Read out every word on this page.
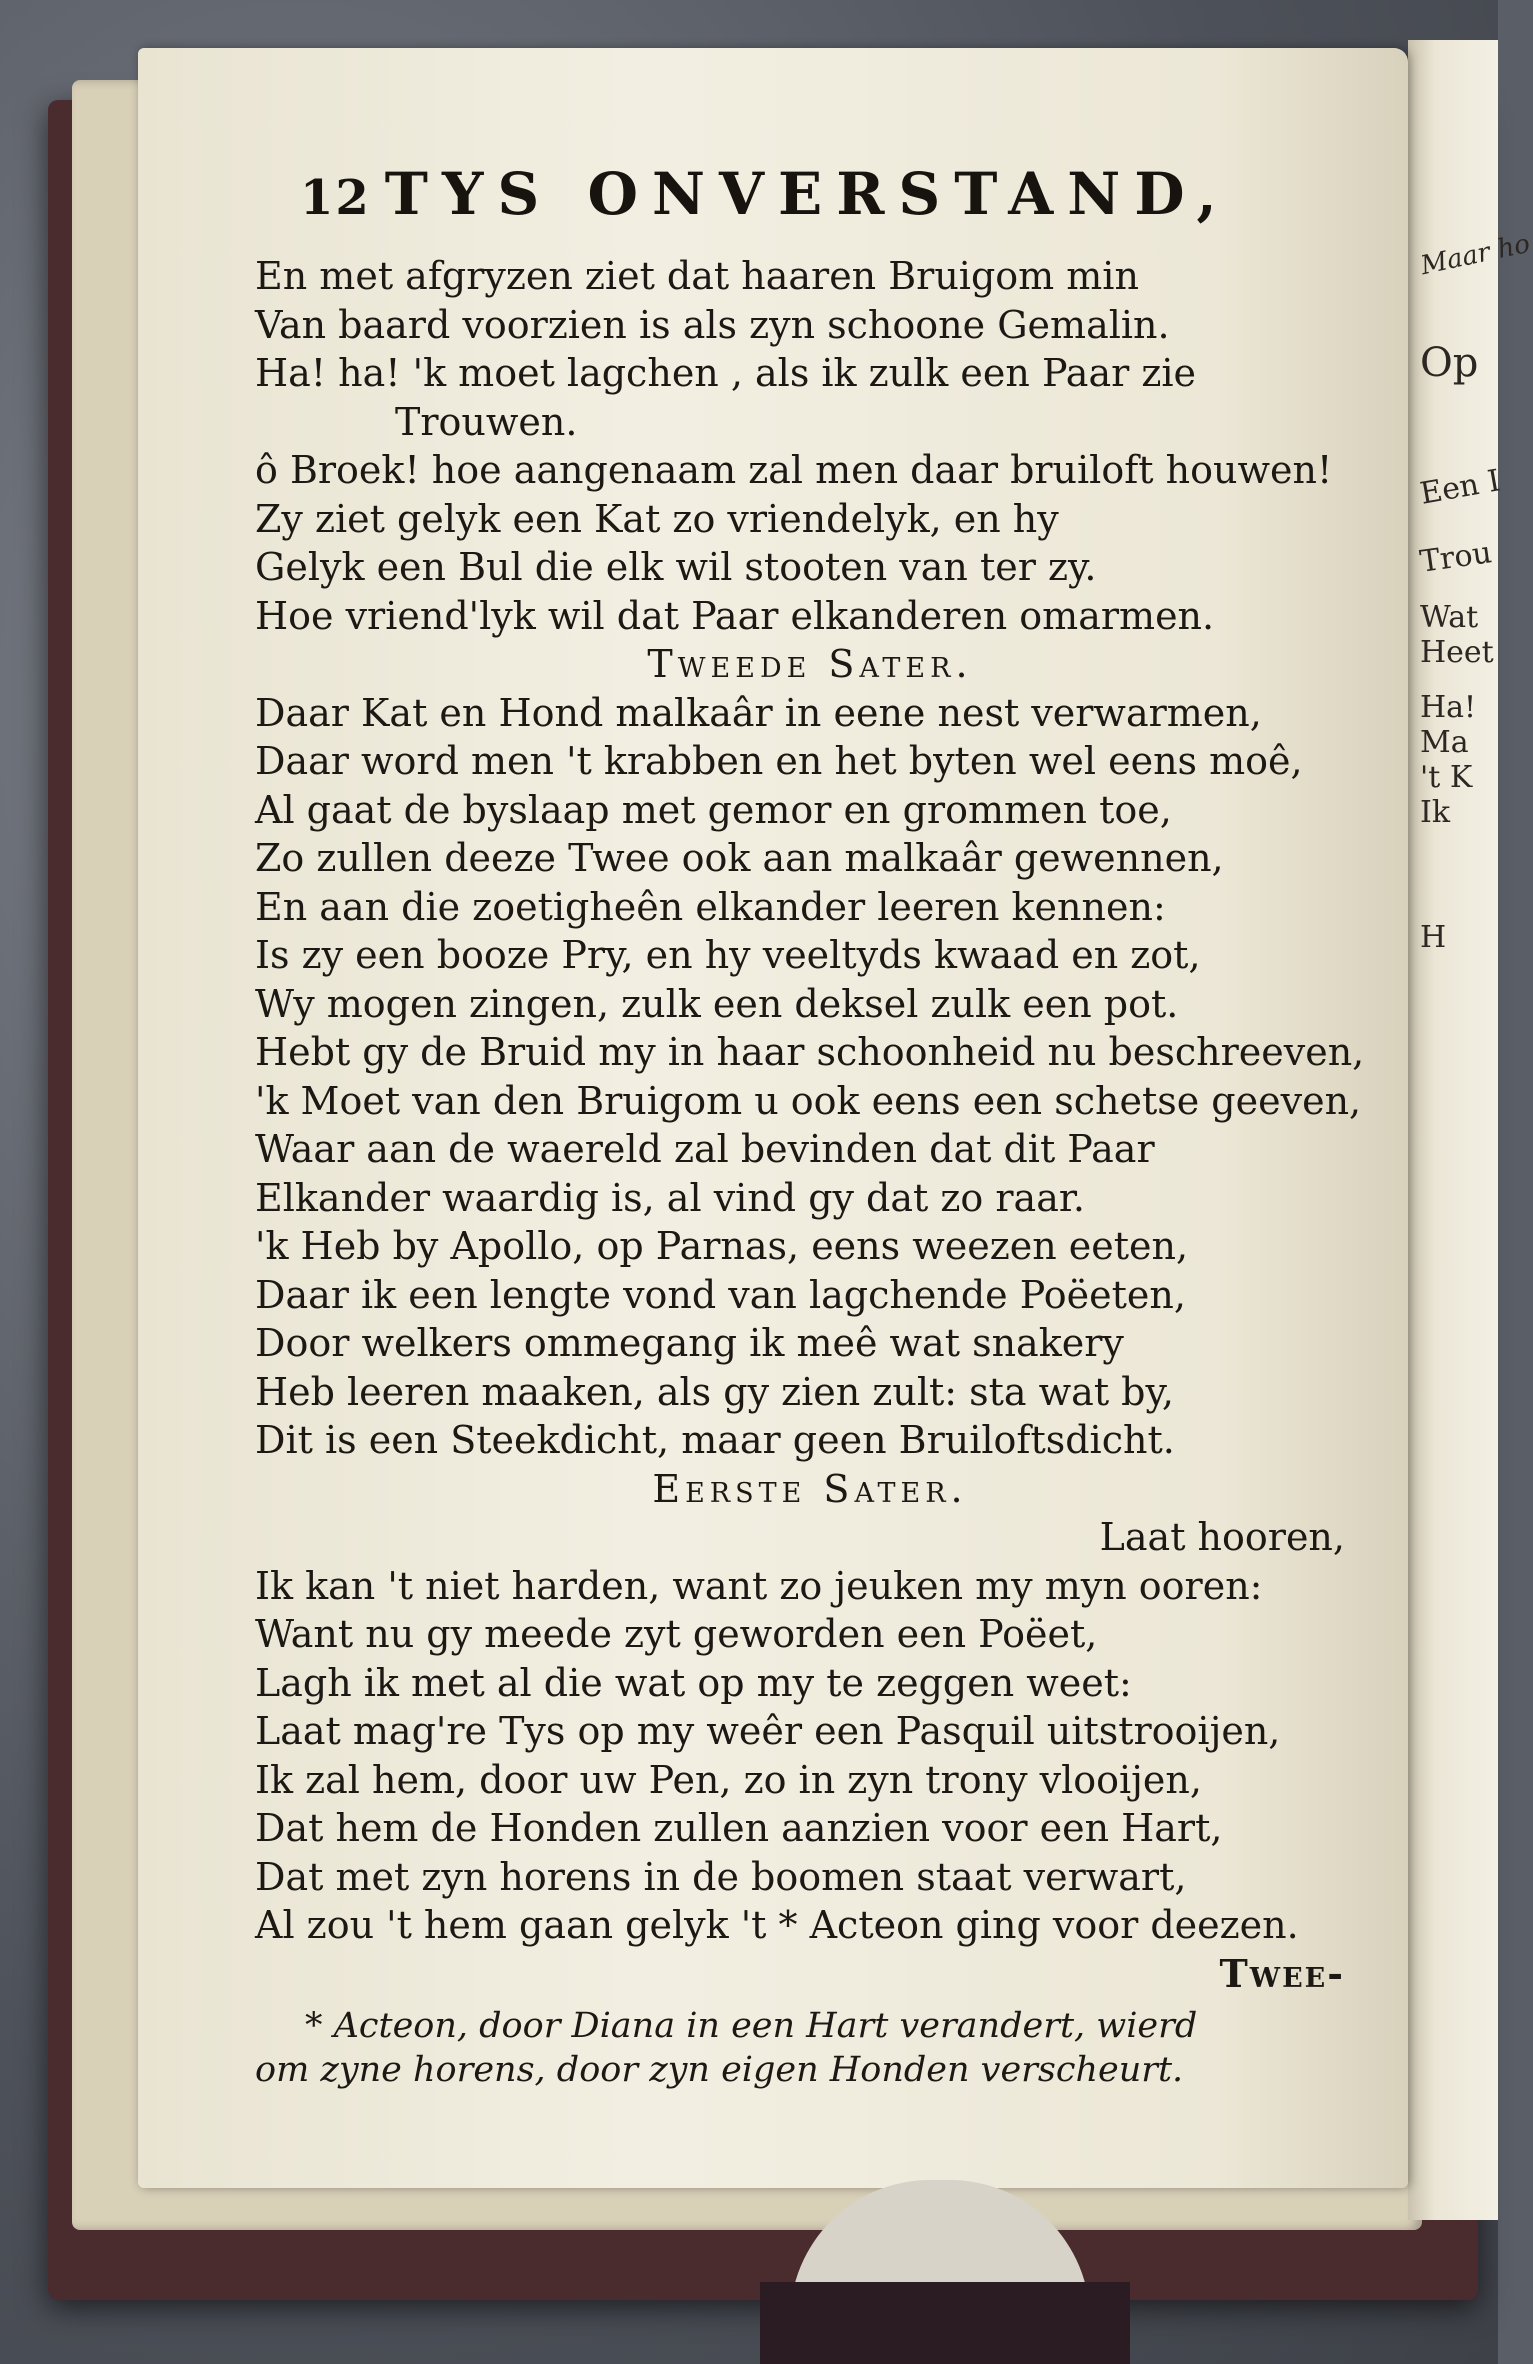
Maar ho
Op
Een I
Trou
Wat
Heet
Ha!
Ma
't K
Ik
H
12 TYS ONVERSTAND,
En met afgryzen ziet dat haaren Bruigom min
Van baard voorzien is als zyn schoone Gemalin.
Ha! ha! 'k moet lagchen , als ik zulk een Paar zie
Trouwen.
ô Broek! hoe aangenaam zal men daar bruiloft houwen!
Zy ziet gelyk een Kat zo vriendelyk, en hy
Gelyk een Bul die elk wil stooten van ter zy.
Hoe vriend'lyk wil dat Paar elkanderen omarmen.
Tweede Sater.
Daar Kat en Hond malkaâr in eene nest verwarmen,
Daar word men 't krabben en het byten wel eens moê,
Al gaat de byslaap met gemor en grommen toe,
Zo zullen deeze Twee ook aan malkaâr gewennen,
En aan die zoetigheên elkander leeren kennen:
Is zy een booze Pry, en hy veeltyds kwaad en zot,
Wy mogen zingen, zulk een deksel zulk een pot.
Hebt gy de Bruid my in haar schoonheid nu beschreeven,
'k Moet van den Bruigom u ook eens een schetse geeven,
Waar aan de waereld zal bevinden dat dit Paar
Elkander waardig is, al vind gy dat zo raar.
'k Heb by Apollo, op Parnas, eens weezen eeten,
Daar ik een lengte vond van lagchende Poëeten,
Door welkers ommegang ik meê wat snakery
Heb leeren maaken, als gy zien zult: sta wat by,
Dit is een Steekdicht, maar geen Bruiloftsdicht.
Eerste Sater.
Laat hooren,
Ik kan 't niet harden, want zo jeuken my myn ooren:
Want nu gy meede zyt geworden een Poëet,
Lagh ik met al die wat op my te zeggen weet:
Laat mag're Tys op my weêr een Pasquil uitstrooijen,
Ik zal hem, door uw Pen, zo in zyn trony vlooijen,
Dat hem de Honden zullen aanzien voor een Hart,
Dat met zyn horens in de boomen staat verwart,
Al zou 't hem gaan gelyk 't * Acteon ging voor deezen.
Twee-
* Acteon, door Diana in een Hart verandert, wierd
om zyne horens, door zyn eigen Honden verscheurt.
